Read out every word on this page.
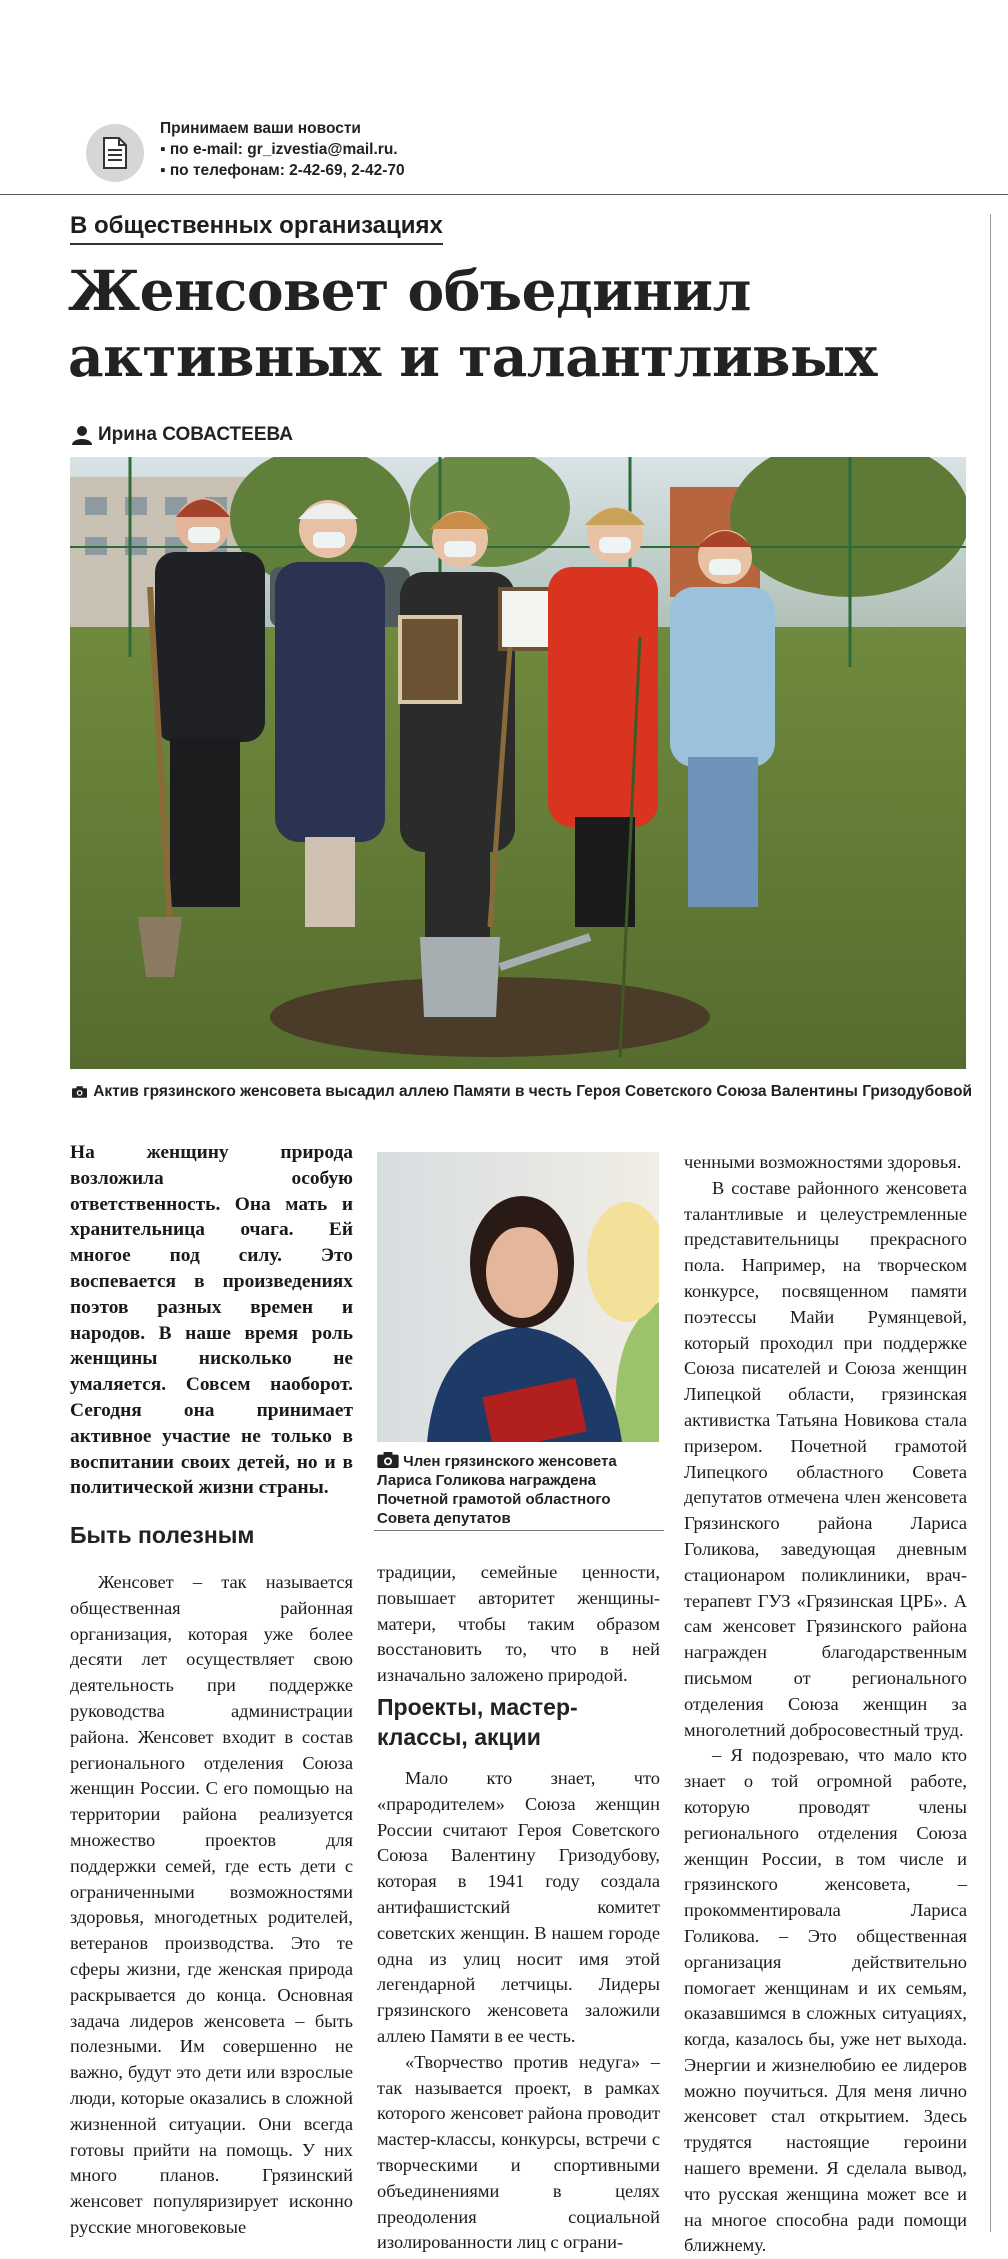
Принимаем ваши новости
▪ по e-mail: gr_izvestia@mail.ru.
▪ по телефонам: 2-42-69, 2-42-70
В общественных организациях
Женсовет объединил
активных и талантливых
Ирина СОВАСТЕЕВА
Актив грязинского женсовета высадил аллею Памяти в честь Героя Советского Союза Валентины Гризодубовой
На женщину природа возложила особую ответственность. Она мать и хранительница очага. Ей многое под силу. Это воспевается в произведениях поэтов разных времен и народов. В наше время роль женщины нисколько не умаляется. Совсем наоборот. Сегодня она принимает активное участие не только в воспитании своих детей, но и в политической жизни страны.
Быть полезным

Женсовет – так называется общественная районная организация, которая уже более десяти лет осуществляет свою деятельность при поддержке руководства администрации района. Женсовет входит в состав регионального отделения Союза женщин России. С его помощью на территории района реализуется множество проектов для поддержки семей, где есть дети с ограниченными возможностями здоровья, многодетных родителей, ветеранов производства. Это те сферы жизни, где женская природа раскрывается до конца. Основная задача лидеров женсовета – быть полезными. Им совершенно не важно, будут это дети или взрослые люди, которые оказались в сложной жизненной ситуации. Они всегда готовы прийти на помощь. У них много планов. Грязинский женсовет популяризирует исконно русские многовековые

Член грязинского женсовета Лариса Голикова награждена Почетной грамотой областного Совета депутатов

традиции, семейные ценности, повышает авторитет женщины-матери, чтобы таким образом восстановить то, что в ней изначально заложено природой.

Проекты, мастер-классы, акции

Мало кто знает, что «прародителем» Союза женщин России считают Героя Советского Союза Валентину Гризодубову, которая в 1941 году создала антифашистский комитет советских женщин. В нашем городе одна из улиц носит имя этой легендарной летчицы. Лидеры грязинского женсовета заложили аллею Памяти в ее честь.

«Творчество против недуга» – так называется проект, в рамках которого женсовет района проводит мастер-классы, конкурсы, встречи с творческими и спортивными объединениями в целях преодоления социальной изолированности лиц с ограни-

ченными возможностями здоровья.

В составе районного женсовета талантливые и целеустремленные представительницы прекрасного пола. Например, на творческом конкурсе, посвященном памяти поэтессы Майи Румянцевой, который проходил при поддержке Союза писателей и Союза женщин Липецкой области, грязинская активистка Татьяна Новикова стала призером. Почетной грамотой Липецкого областного Совета депутатов отмечена член женсовета Грязинского района Лариса Голикова, заведующая дневным стационаром поликлиники, врач-терапевт ГУЗ «Грязинская ЦРБ». А сам женсовет Грязинского района награжден благодарственным письмом от регионального отделения Союза женщин за многолетний добросовестный труд.

– Я подозреваю, что мало кто знает о той огромной работе, которую проводят члены регионального отделения Союза женщин России, в том числе и грязинского женсовета, – прокомментировала Лариса Голикова. – Это общественная организация действительно помогает женщинам и их семьям, оказавшимся в сложных ситуациях, когда, казалось бы, уже нет выхода. Энергии и жизнелюбию ее лидеров можно поучиться. Для меня лично женсовет стал открытием. Здесь трудятся настоящие героини нашего времени. Я сделала вывод, что русская женщина может все и на многое способна ради помощи ближнему.
